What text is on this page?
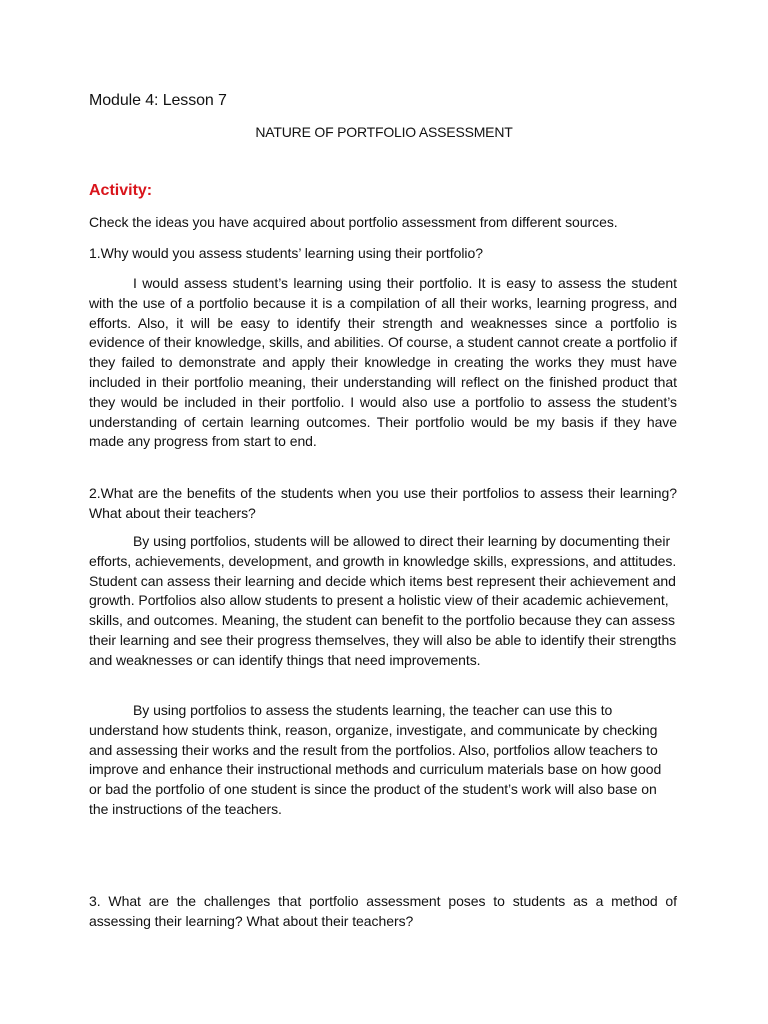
Module 4: Lesson 7
NATURE OF PORTFOLIO ASSESSMENT
Activity:
Check the ideas you have acquired about portfolio assessment from different sources.
1.Why would you assess students’ learning using their portfolio?
I would assess student’s learning using their portfolio. It is easy to assess the student with the use of a portfolio because it is a compilation of all their works, learning progress, and efforts. Also, it will be easy to identify their strength and weaknesses since a portfolio is evidence of their knowledge, skills, and abilities. Of course, a student cannot create a portfolio if they failed to demonstrate and apply their knowledge in creating the works they must have included in their portfolio meaning, their understanding will reflect on the finished product that they would be included in their portfolio. I would also use a portfolio to assess the student’s understanding of certain learning outcomes. Their portfolio would be my basis if they have made any progress from start to end.
2.What are the benefits of the students when you use their portfolios to assess their learning? What about their teachers?
By using portfolios, students will be allowed to direct their learning by documenting their efforts, achievements, development, and growth in knowledge skills, expressions, and attitudes. Student can assess their learning and decide which items best represent their achievement and growth. Portfolios also allow students to present a holistic view of their academic achievement, skills, and outcomes. Meaning, the student can benefit to the portfolio because they can assess their learning and see their progress themselves, they will also be able to identify their strengths and weaknesses or can identify things that need improvements.
By using portfolios to assess the students learning, the teacher can use this to understand how students think, reason, organize, investigate, and communicate by checking and assessing their works and the result from the portfolios. Also, portfolios allow teachers to improve and enhance their instructional methods and curriculum materials base on how good or bad the portfolio of one student is since the product of the student’s work will also base on the instructions of the teachers.
3. What are the challenges that portfolio assessment poses to students as a method of assessing their learning? What about their teachers?
